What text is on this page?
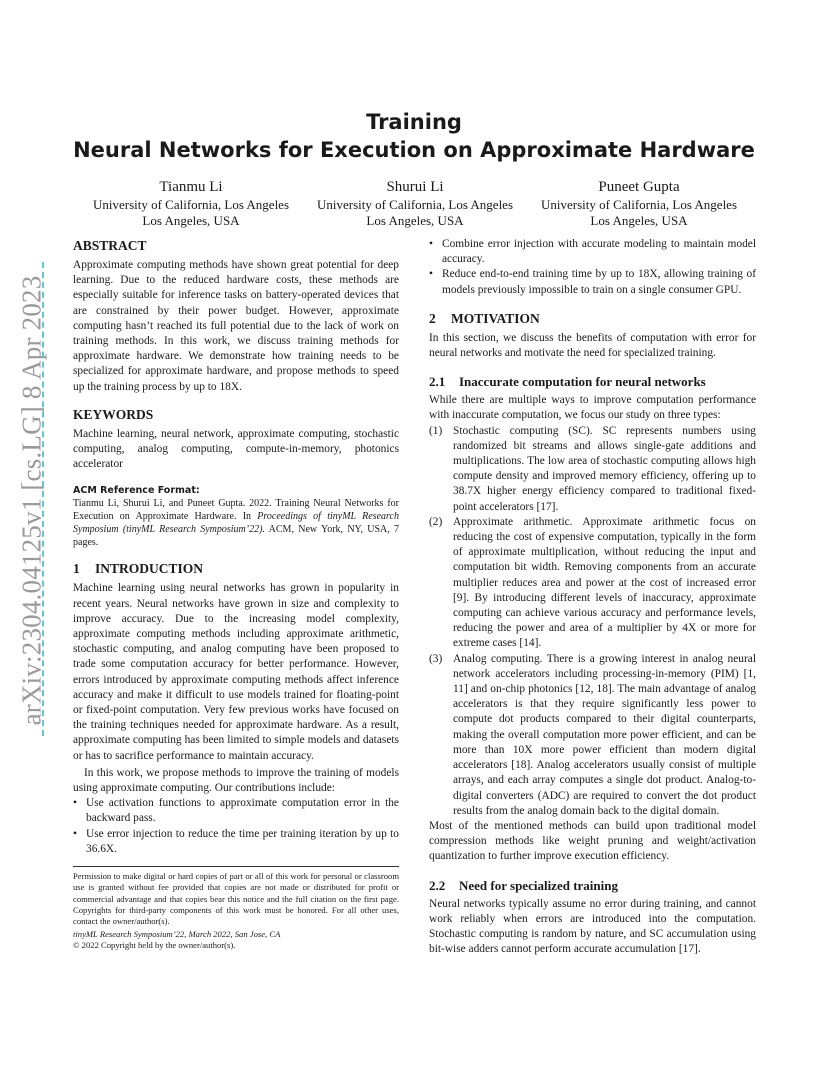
arXiv:2304.04125v1 [cs.LG] 8 Apr 2023
Training
Neural Networks for Execution on Approximate Hardware
Tianmu Li
University of California, Los Angeles
Los Angeles, USA
Shurui Li
University of California, Los Angeles
Los Angeles, USA
Puneet Gupta
University of California, Los Angeles
Los Angeles, USA
ABSTRACT

Approximate computing methods have shown great potential for deep learning. Due to the reduced hardware costs, these methods are especially suitable for inference tasks on battery-operated devices that are constrained by their power budget. However, approximate computing hasn’t reached its full potential due to the lack of work on training methods. In this work, we discuss training methods for approximate hardware. We demonstrate how training needs to be specialized for approximate hardware, and propose methods to speed up the training process by up to 18X.

KEYWORDS

Machine learning, neural network, approximate computing, stochastic computing, analog computing, compute-in-memory, photonics accelerator

ACM Reference Format:

Tianmu Li, Shurui Li, and Puneet Gupta. 2022. Training Neural Networks for Execution on Approximate Hardware. In Proceedings of tinyML Research Symposium (tinyML Research Symposium’22). ACM, New York, NY, USA, 7 pages.

1 INTRODUCTION

Machine learning using neural networks has grown in popularity in recent years. Neural networks have grown in size and complexity to improve accuracy. Due to the increasing model complexity, approximate computing methods including approximate arithmetic, stochastic computing, and analog computing have been proposed to trade some computation accuracy for better performance. However, errors introduced by approximate computing methods affect inference accuracy and make it difficult to use models trained for floating-point or fixed-point computation. Very few previous works have focused on the training techniques needed for approximate hardware. As a result, approximate computing has been limited to simple models and datasets or has to sacrifice performance to maintain accuracy.

In this work, we propose methods to improve the training of models using approximate computing. Our contributions include:

• Use activation functions to approximate computation error in the backward pass.
• Use error injection to reduce the time per training iteration by up to 36.6X.

Permission to make digital or hard copies of part or all of this work for personal or classroom use is granted without fee provided that copies are not made or distributed for profit or commercial advantage and that copies bear this notice and the full citation on the first page. Copyrights for third-party components of this work must be honored. For all other uses, contact the owner/author(s).

tinyML Research Symposium’22, March 2022, San Jose, CA

© 2022 Copyright held by the owner/author(s).

• Combine error injection with accurate modeling to maintain model accuracy.
• Reduce end-to-end training time by up to 18X, allowing training of models previously impossible to train on a single consumer GPU.
2 MOTIVATION

In this section, we discuss the benefits of computation with error for neural networks and motivate the need for specialized training.

2.1 Inaccurate computation for neural networks

While there are multiple ways to improve computation performance with inaccurate computation, we focus our study on three types:

(1) Stochastic computing (SC). SC represents numbers using randomized bit streams and allows single-gate additions and multiplications. The low area of stochastic computing allows high compute density and improved memory efficiency, offering up to 38.7X higher energy efficiency compared to traditional fixed-point accelerators [17].
(2) Approximate arithmetic. Approximate arithmetic focus on reducing the cost of expensive computation, typically in the form of approximate multiplication, without reducing the input and computation bit width. Removing components from an accurate multiplier reduces area and power at the cost of increased error [9]. By introducing different levels of inaccuracy, approximate computing can achieve various accuracy and performance levels, reducing the power and area of a multiplier by 4X or more for extreme cases [14].
(3) Analog computing. There is a growing interest in analog neural network accelerators including processing-in-memory (PIM) [1, 11] and on-chip photonics [12, 18]. The main advantage of analog accelerators is that they require significantly less power to compute dot products compared to their digital counterparts, making the overall computation more power efficient, and can be more than 10X more power efficient than modern digital accelerators [18]. Analog accelerators usually consist of multiple arrays, and each array computes a single dot product. Analog-to-digital converters (ADC) are required to convert the dot product results from the analog domain back to the digital domain.

Most of the mentioned methods can build upon traditional model compression methods like weight pruning and weight/activation quantization to further improve execution efficiency.

2.2 Need for specialized training

Neural networks typically assume no error during training, and cannot work reliably when errors are introduced into the computation. Stochastic computing is random by nature, and SC accumulation using bit-wise adders cannot perform accurate accumulation [17].
